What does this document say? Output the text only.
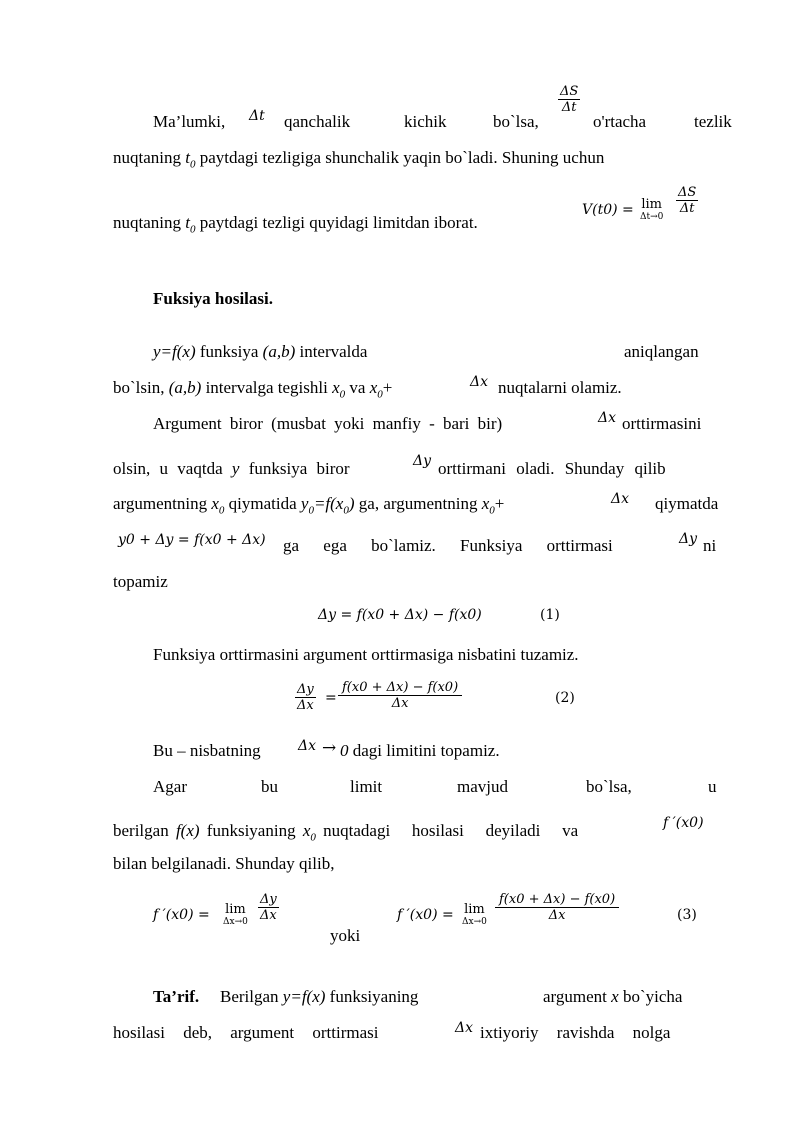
Ma’lumki, Δt qanchalik	kichik	bo`lsa,
$\frac{\Delta S}{\Delta t}$
o'rtacha	tezlik
nuqtaning $t_0$ paytdagi tezligiga shunchalik yaqin bo`ladi. Shuning uchun
nuqtaning $t_0$ paytdagi tezligi quyidagi limitdan iborat.
V(t0) = lim
Δt→0
$\frac{\Delta S}{\Delta t}$
Fuksiya hosilasi.
y=f(x) funksiya (a,b) intervalda	aniqlangan
bo`lsin, (a,b) intervalga tegishli $x_0$ va $x_0+$	Δx nuqtalarni olamiz.
Argument biror (musbat yoki manfiy - bari bir)	Δx orttirmasini
olsin, u vaqtda y funksiya biror	Δy orttirmani oladi. Shunday qilib
argumentning $x_0$ qiymatida $y_0=f(x_0)$ ga, argumentning $x_0+$	Δx qiymatda
y0 + Δy = f(x0 + Δx) ga ega bo`lamiz. Funksiya orttirmasi	Δy ni
topamiz
Δy = f(x0 + Δx) − f(x0)	(1)
Funksiya orttirmasini argument orttirmasiga nisbatini tuzamiz.
$\frac{\Delta y}{\Delta x} = \frac{f(x0 + \Delta x) - f(x0)}{\Delta x}$	(2)
Bu – nisbatning	Δx → 0 dagi limitini topamiz.
Agar	bu	limit	mavjud	bo`lsa,	u
berilgan f(x) funksiyaning $x_0$ nuqtadagi   hosilasi   deyiladi   va	f ′(x0)
bilan belgilanadi. Shunday qilib,
f ′(x0) = lim
$\Delta x\to 0 \frac{\Delta y}{\Delta x}$
yoki
f ′(x0) = lim
$\Delta x\to 0 \frac{f(x0 + \Delta x) - f(x0)}{\Delta x}$	(3)
Ta’rif. Berilgan y=f(x) funksiyaning	argument x bo`yicha
hosilasi deb, argument orttirmasi	Δx ixtiyoriy ravishda nolga
